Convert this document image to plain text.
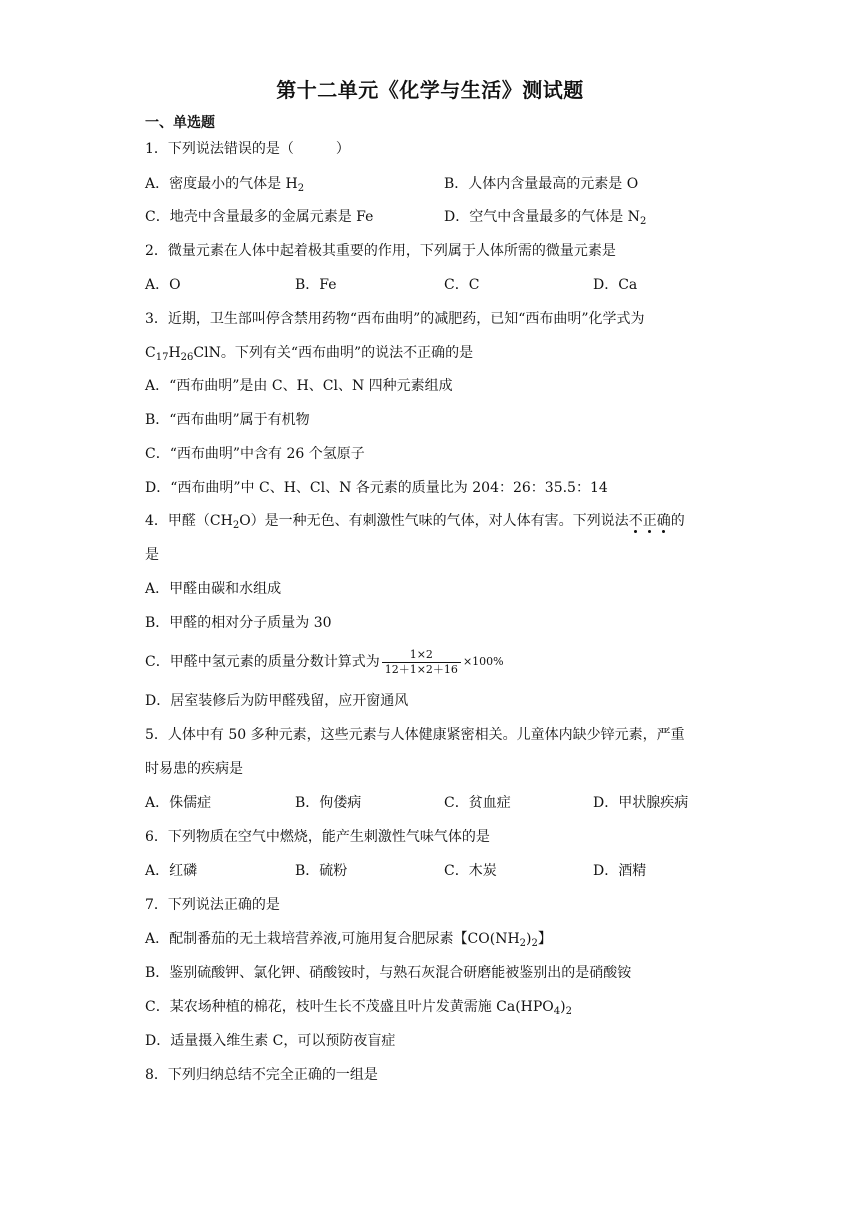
第十二单元《化学与生活》测试题
一、单选题
1．下列说法错误的是（　　　）
A．密度最小的气体是 $H_2$	B．人体内含量最高的元素是 O
C．地壳中含量最多的金属元素是 Fe	D．空气中含量最多的气体是 $N_2$
2．微量元素在人体中起着极其重要的作用，下列属于人体所需的微量元素是
A．O	B．Fe	C．C	D．Ca
3．近期，卫生部叫停含禁用药物“西布曲明”的减肥药，已知“西布曲明”化学式为
$C_{17}H_{26}ClN$。下列有关“西布曲明”的说法不正确的是
A．“西布曲明”是由 C、H、Cl、N 四种元素组成
B．“西布曲明”属于有机物
C．“西布曲明”中含有 26 个氢原子
D．“西布曲明”中 C、H、Cl、N 各元素的质量比为 204：26：35.5：14
4．甲醛$(CH_2O)$是一种无色、有刺激性气味的气体，对人体有害。下列说法不正确的
是
A．甲醛由碳和水组成
B．甲醛的相对分子质量为 30
C．甲醛中氢元素的质量分数计算式为 $\frac{1\times 2}{12+1\times 2+16} \times 100\%$
D．居室装修后为防甲醛残留，应开窗通风
5．人体中有 50 多种元素，这些元素与人体健康紧密相关。儿童体内缺少锌元素，严重
时易患的疾病是
A．侏儒症	B．佝偻病	C．贫血症	D．甲状腺疾病
6．下列物质在空气中燃烧，能产生刺激性气味气体的是
A．红磷	B．硫粉	C．木炭	D．酒精
7．下列说法正确的是
A．配制番茄的无土栽培营养液,可施用复合肥尿素【$CO(NH_2)_2$】
B．鉴别硫酸钾、氯化钾、硝酸铵时，与熟石灰混合研磨能被鉴别出的是硝酸铵
C．某农场种植的棉花，枝叶生长不茂盛且叶片发黄需施 $Ca(HPO_4)_2$
D．适量摄入维生素 C，可以预防夜盲症
8．下列归纳总结不完全正确的一组是
